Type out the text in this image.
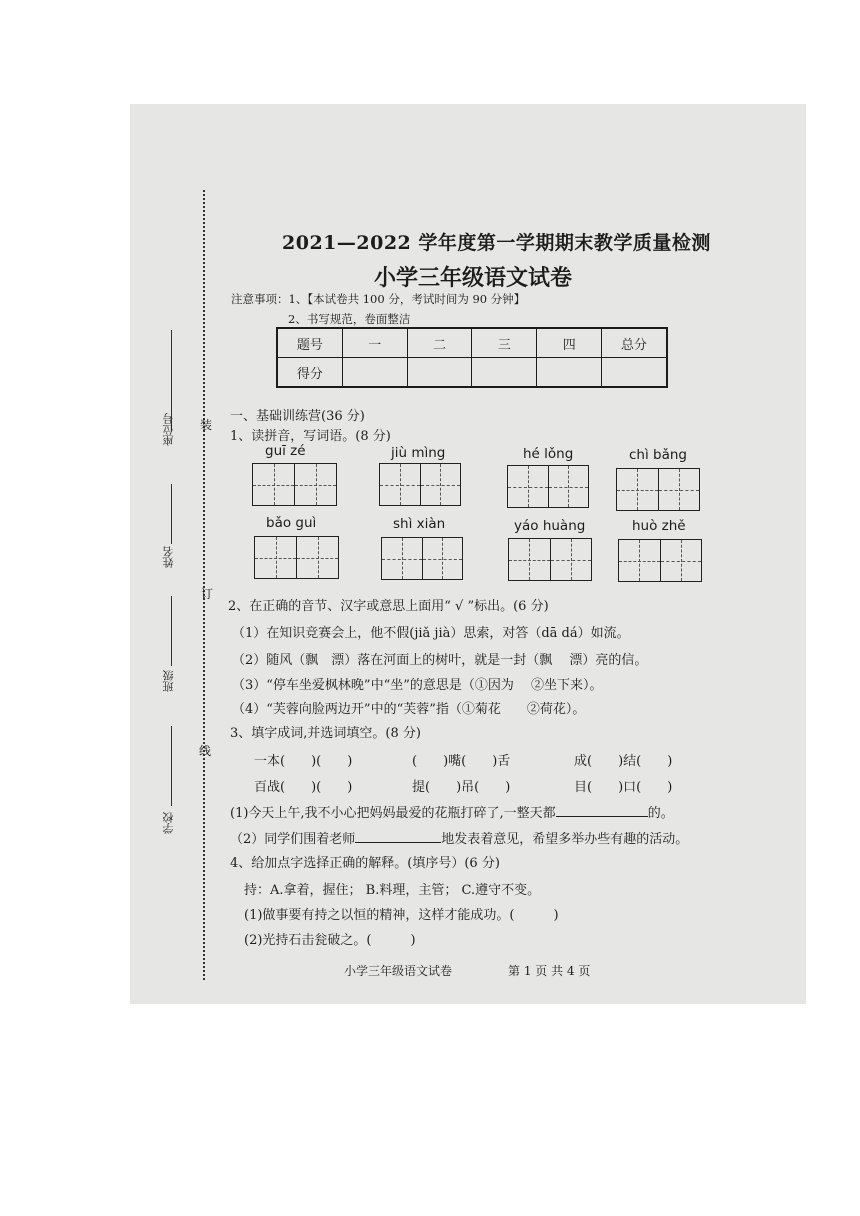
2021—2022 学年度第一学期期末教学质量检测
小学三年级语文试卷
注意事项：1、【本试卷共 100 分，考试时间为 90 分钟】
2、书写规范，卷面整洁
题号	一	二	三	四	总分
得分					
装
订
线
座位号
姓名
班级
学校
一、基础训练营(36 分)
1、读拼音，写词语。(8 分)
guī zé	jiù mìng	hé lǒng	chì bǎng
bǎo guì	shì xiàn	yáo huàng	huò zhě
2、在正确的音节、汉字或意思上面用“ √ ”标出。(6 分)
（1）在知识竞赛会上，他不假(jiǎ jià）思索，对答（dā dá）如流。
（2）随风（飘　漂）落在河面上的树叶，就是一封（飘　 漂）亮的信。
（3）“停车坐爱枫林晚”中“坐”的意思是（①因为　 ②坐下来）。
（4）“芙蓉向脸两边开”中的“芙蓉”指（①菊花　　②荷花）。
3、填字成词,并选词填空。(8 分)
一本(　　)(　　)	(　　)嘴(　　)舌	成(　　)结(　　)
百战(　　)(　　)	提(　　)吊(　　)	目(　　)口(　　)
(1)今天上午,我不小心把妈妈最爱的花瓶打碎了,一整天都	的。
（2）同学们围着老师	地发表着意见，希望多举办些有趣的活动。
4、给加点字选择正确的解释。(填序号）(6 分)
持：A.拿着，握住； B.料理，主管； C.遵守不变。
(1)做事要有持之以恒的精神，这样才能成功。(　　　)
(2)光持石击瓮破之。(　　　)
小学三年级语文试卷	第 1 页 共 4 页
